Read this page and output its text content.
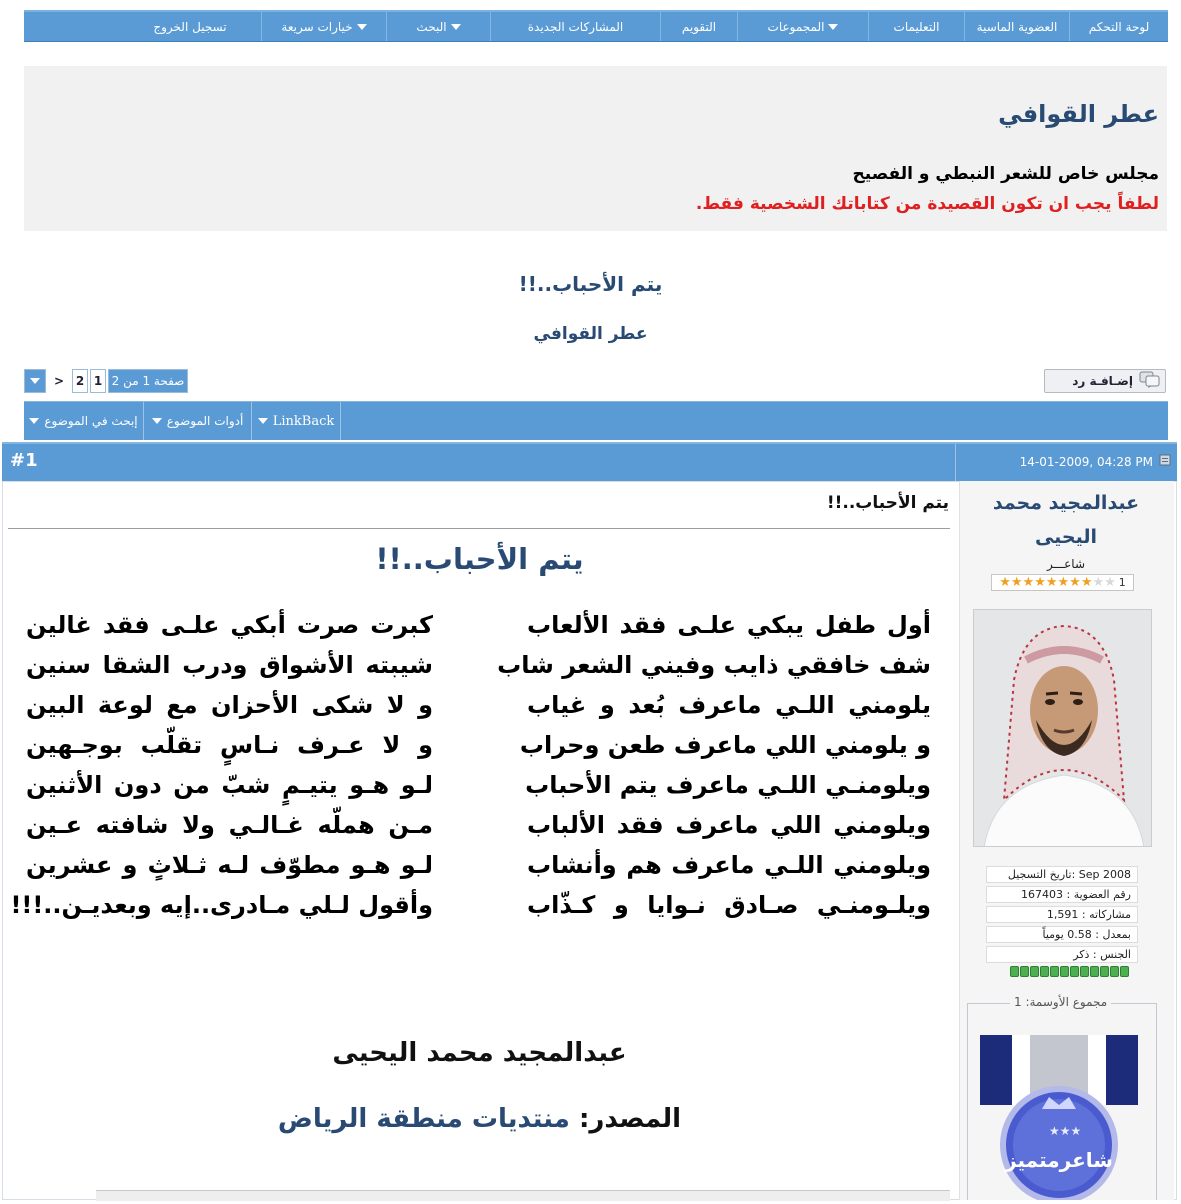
لوحة التحكم
العضوية الماسية
التعليمات
المجموعات
التقويم
المشاركات الجديدة
البحث
خيارات سريعة
تسجيل الخروج
عطر القوافي
مجلس خاص للشعر النبطي و الفصيح
لطفاً يجب ان تكون القصيدة من كتاباتك الشخصية فقط.
يتم الأحباب..!!
عطر القوافي
> 2 1 صفحة 1 من 2	إضـافـة رد
إبحث في الموضوع أدوات الموضوع LinkBack
#1	14-01-2009, 04:28 PM
عبدالمجيد محمد اليحيى
شاعـــر
★★★★★★★★★★ 1
تاريخ التسجيل: Sep 2008
رقم العضوية : 167403
مشاركاته : 1,591
بمعدل : 0.58 يومياً
الجنس : ذكر
مجموع الأوسمة: 1
★★★
شاعرمتميز
يتم الأحباب..!!
يتم الأحباب..!!
أول طفل يبكي علـى فقد الألعاب
شف خافقي ذايب وفيني الشعر شاب
يلومني اللـي ماعرف بُعد و غياب
و يلومني اللي ماعرف طعن وحراب
ويلومنـي اللـي ماعرف يتم الأحباب
ويلومني اللي ماعرف فقد الألباب
ويلومني اللـي ماعرف هم وأنشاب
ويلـومنـي صـادق نـوايا و كـذّاب
كبرت صرت أبكي علـى فقد غالين
شيبته الأشواق ودرب الشقا سنين
و لا شكى الأحزان مع لوعة البين
و لا عـرف نـاسٍ تقلّب بوجـهين
لـو هـو يتيـمٍ شبّ من دون الأثنين
مـن هملّه غـالـي ولا شافته عـين
لـو هـو مطوّف لـه ثـلاثٍ و عشرين
وأقول لـلي مـادرى..إيه وبعديـن..!!!
عبدالمجيد محمد اليحيى
المصدر: منتديات منطقة الرياض
